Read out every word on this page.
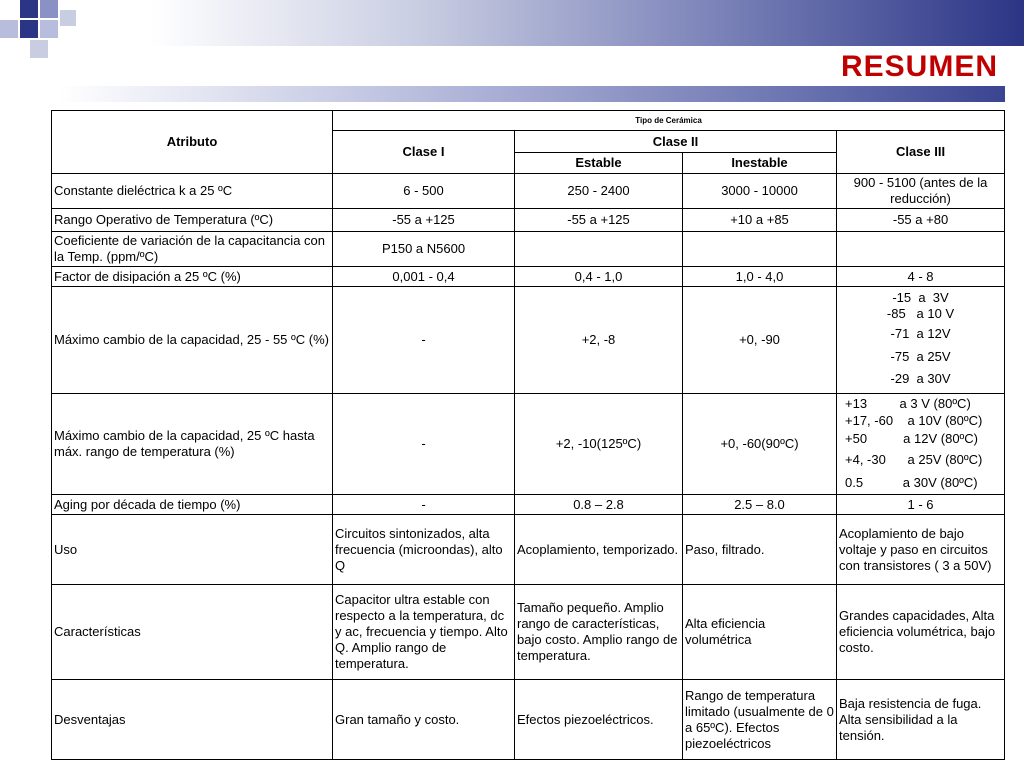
RESUMEN
Atributo	Tipo de Cerámica			
	Clase I	Clase II		Clase III
		Estable	Inestable	
Constante dieléctrica k a 25 ºC	6 - 500	250 - 2400	3000 - 10000	900 - 5100 (antes de la reducción)
Rango Operativo de Temperatura (ºC)	-55 a +125	-55 a +125	+10 a +85	-55 a +80
Coeficiente de variación de la capacitancia con la Temp. (ppm/ºC)	P150 a N5600			
Factor de disipación a 25 ºC (%)	0,001 - 0,4	0,4 - 1,0	1,0 - 4,0	4 - 8
Máximo cambio de la capacidad, 25 - 55 ºC (%)	-	+2, -8	+0, -90	-15  a  3V
-85   a 10 V
-71  a 12V
-75  a 25V
-29  a 30V

Máximo cambio de la capacidad, 25 ºC hasta máx. rango de temperatura (%)	-	+2, -10(125ºC)	+0, -60(90ºC)	+13         a 3 V (80ºC)
+17, -60    a 10V (80ºC)
+50          a 12V (80ºC)
+4, -30      a 25V (80ºC)
0.5           a 30V (80ºC)

Aging por década de tiempo (%)	-	0.8 – 2.8	2.5 – 8.0	1 - 6
Uso	Circuitos sintonizados, alta frecuencia (microondas), alto Q	Acoplamiento, temporizado.	Paso, filtrado.	Acoplamiento de bajo voltaje y paso en circuitos con transistores ( 3 a 50V)
Características	Capacitor ultra estable con respecto a la temperatura, dc y ac, frecuencia y tiempo. Alto Q. Amplio rango de temperatura.	Tamaño pequeño. Amplio rango de características, bajo costo. Amplio rango de temperatura.	Alta eficiencia volumétrica	Grandes capacidades, Alta eficiencia volumétrica, bajo costo.
Desventajas	Gran tamaño y costo.	Efectos piezoeléctricos.	Rango de temperatura limitado (usualmente de 0 a 65ºC). Efectos piezoeléctricos	Baja resistencia de fuga. Alta sensibilidad a la tensión.
